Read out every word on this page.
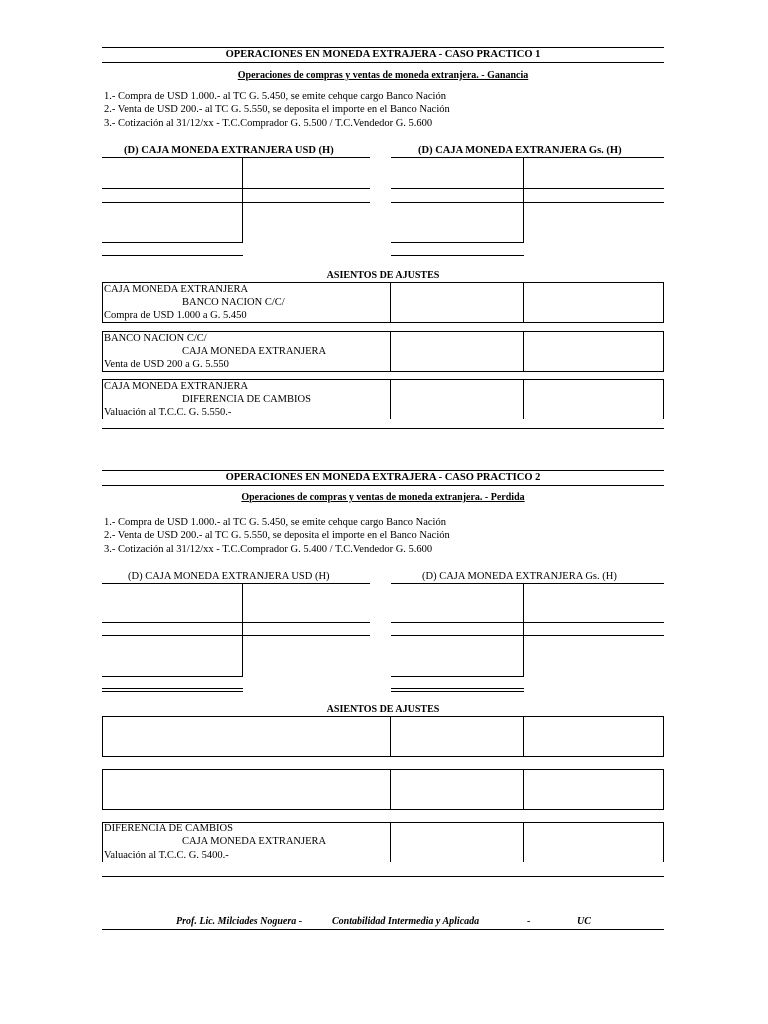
OPERACIONES EN MONEDA EXTRAJERA - CASO PRACTICO 1
Operaciones de compras y ventas de moneda extranjera. - Ganancia
1.- Compra de USD 1.000.- al TC G. 5.450, se emite cehque cargo Banco Nación
2.- Venta de USD 200.- al TC G. 5.550, se deposita el importe en el Banco Nación
3.- Cotización al 31/12/xx - T.C.Comprador G. 5.500 / T.C.Vendedor G. 5.600
(D) CAJA MONEDA EXTRANJERA USD (H)	(D) CAJA MONEDA EXTRANJERA Gs. (H)
ASIENTOS DE AJUSTES
CAJA MONEDA EXTRANJERA
BANCO NACION C/C/
Compra de USD 1.000 a G. 5.450
BANCO NACION C/C/
CAJA MONEDA EXTRANJERA
Venta de USD 200 a G. 5.550
CAJA MONEDA EXTRANJERA
DIFERENCIA DE CAMBIOS
Valuación al T.C.C. G. 5.550.-
OPERACIONES EN MONEDA EXTRAJERA - CASO PRACTICO 2
Operaciones de compras y ventas de moneda extranjera. - Perdida
1.- Compra de USD 1.000.- al TC G. 5.450, se emite cehque cargo Banco Nación
2.- Venta de USD 200.- al TC G. 5.550, se deposita el importe en el Banco Nación
3.- Cotización al 31/12/xx - T.C.Comprador G. 5.400 / T.C.Vendedor G. 5.600
(D) CAJA MONEDA EXTRANJERA USD (H)	(D) CAJA MONEDA EXTRANJERA Gs. (H)
ASIENTOS DE AJUSTES
DIFERENCIA DE CAMBIOS
CAJA MONEDA EXTRANJERA
Valuación al T.C.C. G. 5400.-
Prof. Lic. Milciades Noguera -	Contabilidad Intermedia y Aplicada	-	UC
